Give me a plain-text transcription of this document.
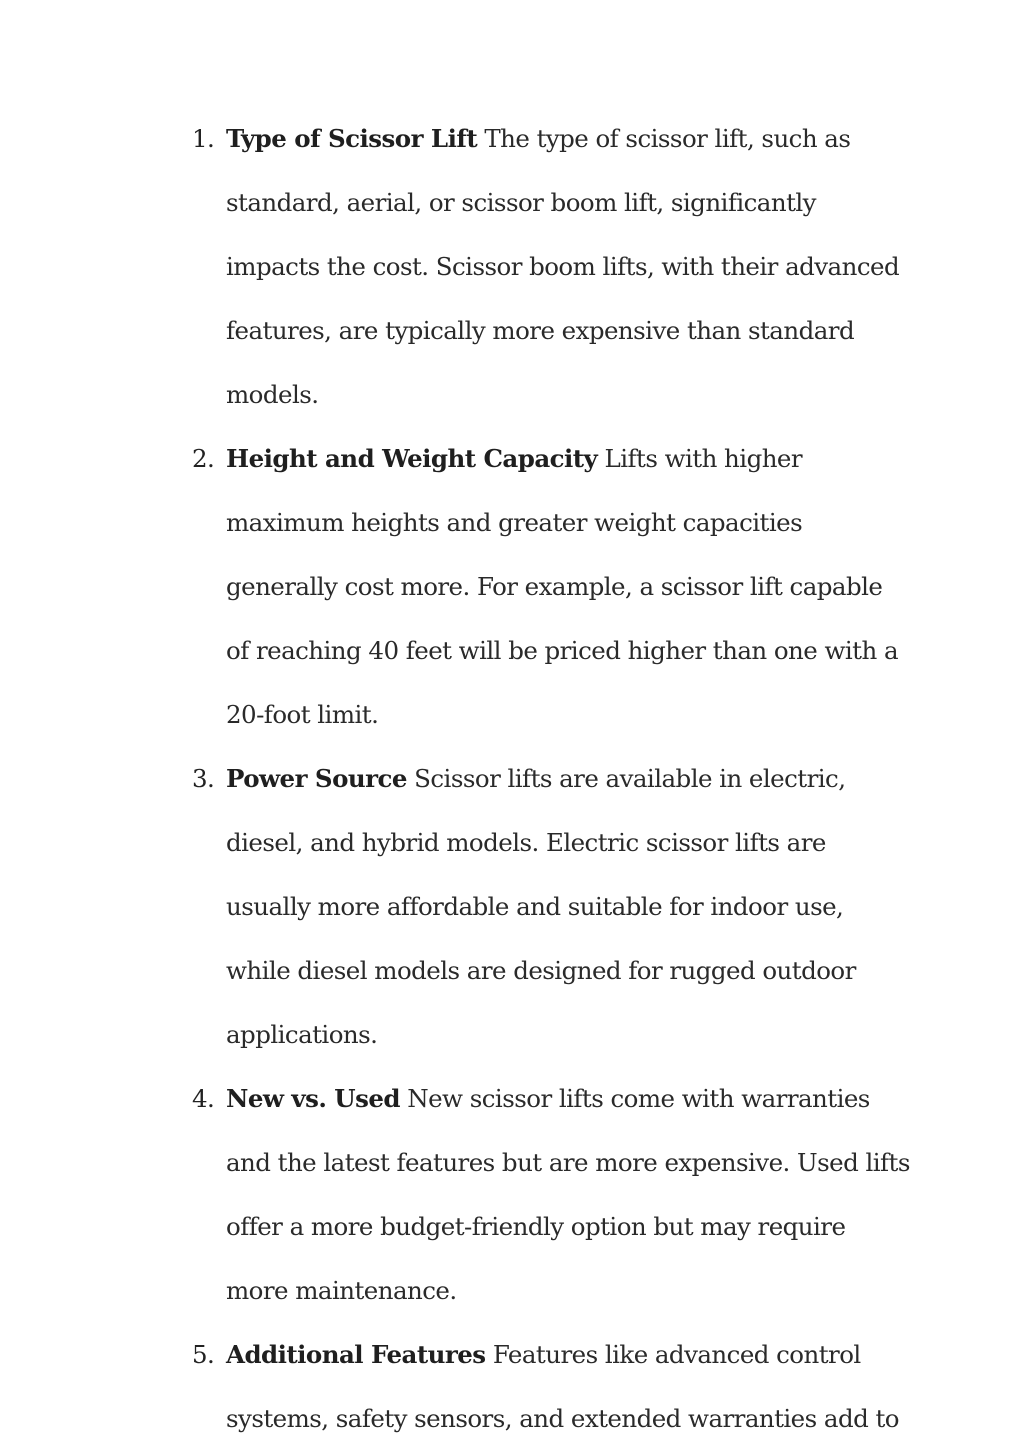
1. Type of Scissor Lift The type of scissor lift, such as standard, aerial, or scissor boom lift, significantly impacts the cost. Scissor boom lifts, with their advanced features, are typically more expensive than standard models.
2. Height and Weight Capacity Lifts with higher maximum heights and greater weight capacities generally cost more. For example, a scissor lift capable of reaching 40 feet will be priced higher than one with a 20-foot limit.
3. Power Source Scissor lifts are available in electric, diesel, and hybrid models. Electric scissor lifts are usually more affordable and suitable for indoor use, while diesel models are designed for rugged outdoor applications.
4. New vs. Used New scissor lifts come with warranties and the latest features but are more expensive. Used lifts offer a more budget-friendly option but may require more maintenance.
5. Additional Features Features like advanced control systems, safety sensors, and extended warranties add to
